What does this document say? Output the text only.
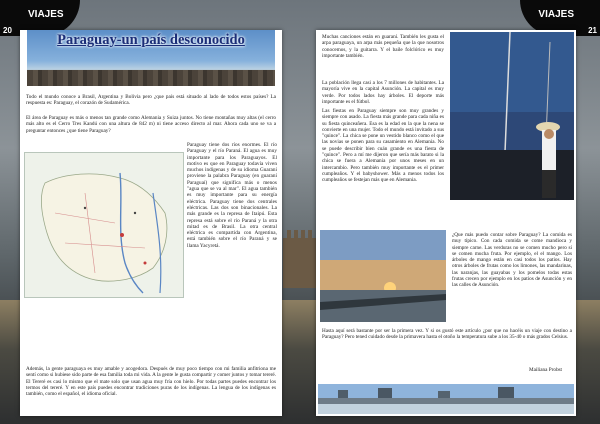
VIAJES
20
VIAJES
21
Paraguay-un país desconocido

Todo el mundo conoce a Brasil, Argentina y Bolivia pero ¿que país está situado al lado de todos estos países? La respuesta es: Paraguay, el corazón de Sudamérica.

El área de Paraguay es más o menos tan grande como Alemania y Suiza juntos. No tiene montañas muy altas (el cerro más alto es el Cerro Tres Kandú con una altura de 842 m) ni tiene acceso directo al mar. Ahora cada uno se va a preguntar entonces ¿que tiene Paraguay?

Paraguay tiene dos ríos enormes. El río Paraguay y el río Paraná. El agua es muy importante para los Paraguayos. El motivo es que en Paraguay todavía viven muchos indígenas y de su idioma Guaraní proviene la palabra Paraguay (en guaraní Paraguaí) que significa más o menos "agua que se va al mar". El agua también es muy importante para su energía eléctrica. Paraguay tiene dos centrales eléctricas. Las dos son binacionales. La más grande es la represa de Itaipú. Esta represa está sobre el río Paraná y la otra mitad es de Brasil. La otra central eléctrica es compartida con Argentina, está también sobre el río Paraná y se llama Yacyretá.

Además, la gente paraguaya es muy amable y acogedora. Después de muy poco tiempo con mi familia anfitriona me sentí como si hubiese sido parte de esa familia toda mi vida. A la gente le gusta compartir y comer juntos y tomar tereré. El Tereré es casi lo mismo que el mate solo que usan agua muy fría con hielo. Por todas partes puedes encontrar los termos del tereré. Y en este país puedes encontrar tradiciones puras de los indígenas. La lengua de los indígenas es también, como el español, el idioma oficial.

Muchas canciones están en guaraní. También les gusta el arpa paraguaya, un arpa más pequeña que la que nosotros conocemos, y la guitarra. Y el baile folclórico es muy importante también.

La población llega casi a los 7 millones de habitantes. La mayoría vive en la capital Asunción. La capital es muy verde. Por todos lados hay árboles. El deporte más importante es el fútbol.

Las fiestas en Paraguay siempre son muy grandes y siempre con asado. La fiesta más grande para cada niña es su fiesta quinceañera. Esa es la edad en la que la nena se convierte en una mujer. Todo el mundo está invitado a sus "quince". La chica se pone un vestido blanco como el que las novias se ponen para su casamiento en Alemania. No se puede describir bien cuán grande es una fiesta de "quince". Pero a mí me dijeron que sería más barato si la chica se fuera a Alemania por unos meses en un intercambio. Pero también muy importante es el primer cumpleaños. Y el babyshower. Más a menos todos los cumpleaños se festejan más que en Alemania.

¿Que más puedo contar sobre Paraguay? La comida es muy típico. Con cada comida se come mandioca y siempre carne. Las verduras no se comen mucho pero sí se comen mucha fruta. Por ejemplo, el el mango. Los árboles de mango están en casi todos los patios. Hay otros árboles de frutas como los limones, las mandarinas, las naranjas, las guayabas y los pomelos todas estas frutas crecen por ejemplo en los patios de Asunción y en las calles de Asunción.

Hasta aquí será bastante por ser la primera vez. Y si os gustó este artículo ¿por que no hacéis un viaje con destino a Paraguay? Pero tened cuidado desde la primavera hasta el otoño la temperatura sube a los 35-40 o más grados Celsius.

Mailiana Probst
